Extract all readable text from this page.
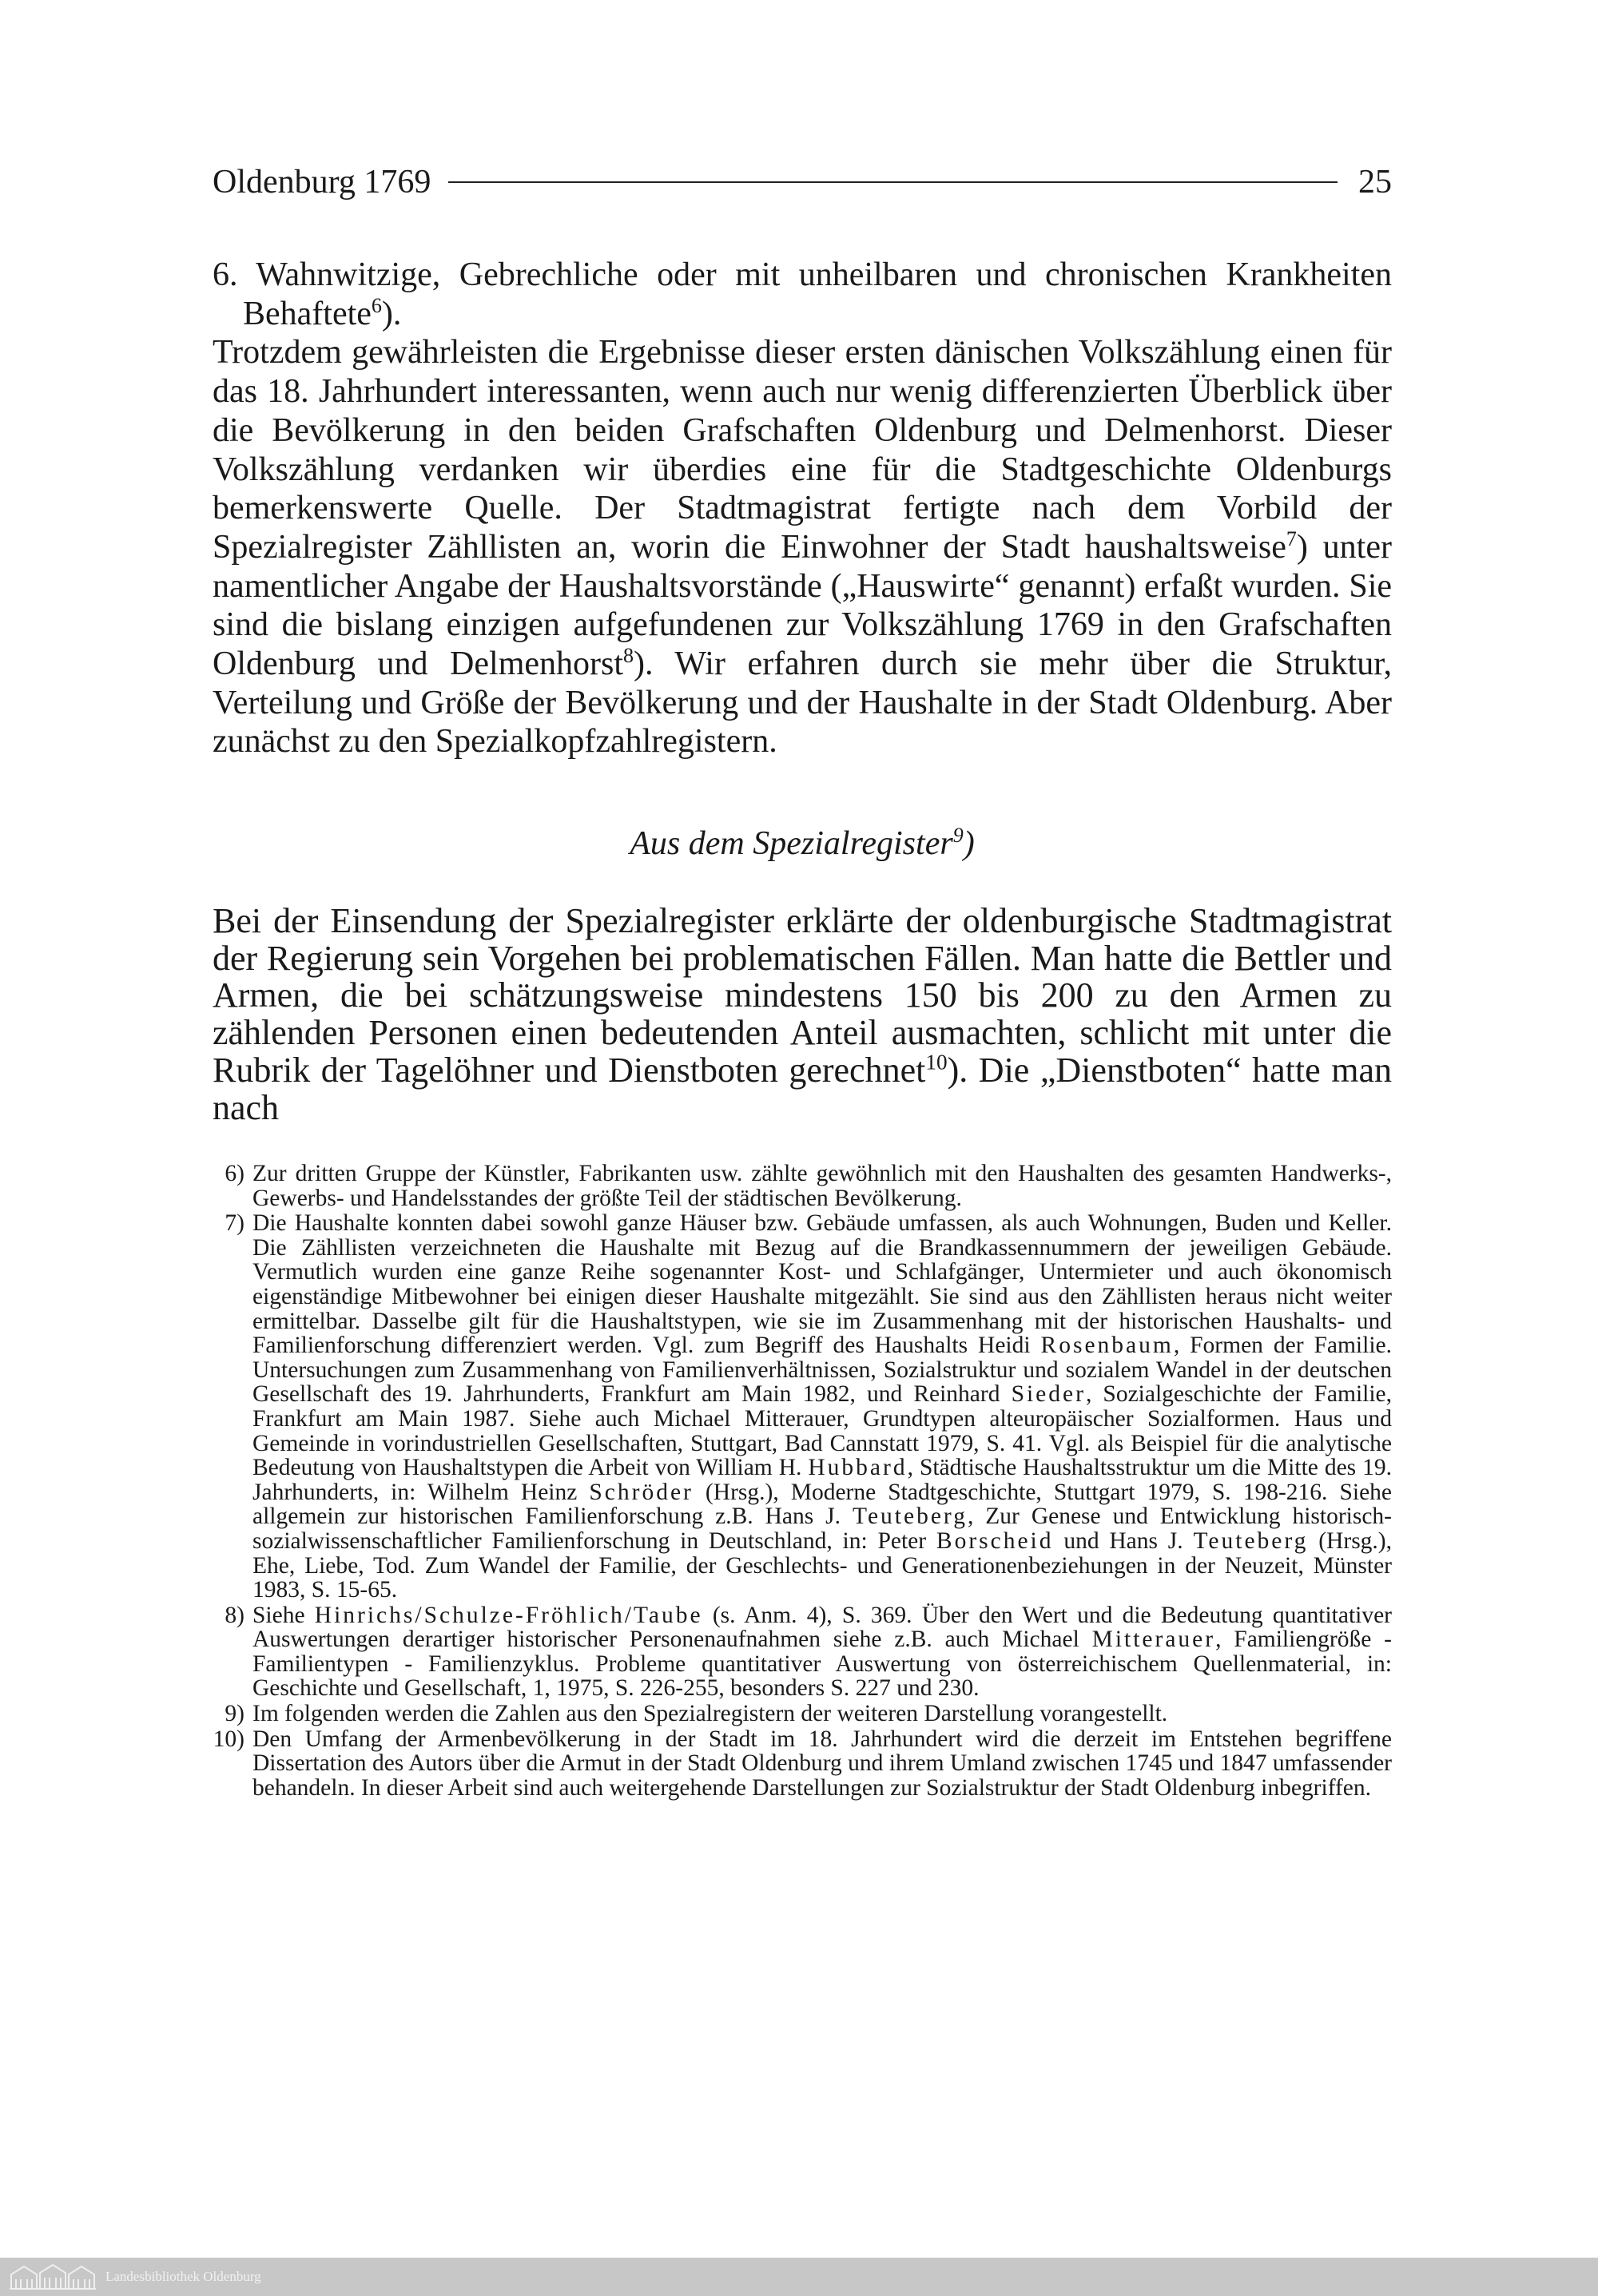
Oldenburg 1769	25

6. Wahnwitzige, Gebrechliche oder mit unheilbaren und chronischen Krankheiten Behaftete$^6$).

Trotzdem gewährleisten die Ergebnisse dieser ersten dänischen Volkszählung einen für das 18. Jahrhundert interessanten, wenn auch nur wenig differenzierten Überblick über die Bevölkerung in den beiden Grafschaften Oldenburg und Delmenhorst. Dieser Volkszählung verdanken wir überdies eine für die Stadtgeschichte Oldenburgs bemerkenswerte Quelle. Der Stadtmagistrat fertigte nach dem Vorbild der Spezialregister Zähllisten an, worin die Einwohner der Stadt haushaltsweise$^7$) unter namentlicher Angabe der Haushaltsvorstände („Hauswirte“ genannt) erfaßt wurden. Sie sind die bislang einzigen aufgefundenen zur Volkszählung 1769 in den Grafschaften Oldenburg und Delmenhorst$^8$). Wir erfahren durch sie mehr über die Struktur, Verteilung und Größe der Bevölkerung und der Haushalte in der Stadt Oldenburg. Aber zunächst zu den Spezialkopfzahlregistern.

Aus dem Spezialregister$^9$)

Bei der Einsendung der Spezialregister erklärte der oldenburgische Stadtmagistrat der Regierung sein Vorgehen bei problematischen Fällen. Man hatte die Bettler und Armen, die bei schätzungsweise mindestens 150 bis 200 zu den Armen zu zählenden Personen einen bedeutenden Anteil ausmachten, schlicht mit unter die Rubrik der Tagelöhner und Dienstboten gerechnet$^{10}$). Die „Dienstboten“ hatte man nach

6) Zur dritten Gruppe der Künstler, Fabrikanten usw. zählte gewöhnlich mit den Haushalten des gesamten Handwerks-, Gewerbs- und Handelsstandes der größte Teil der städtischen Bevölkerung.
7) Die Haushalte konnten dabei sowohl ganze Häuser bzw. Gebäude umfassen, als auch Wohnungen, Buden und Keller. Die Zähllisten verzeichneten die Haushalte mit Bezug auf die Brandkassennummern der jeweiligen Gebäude. Vermutlich wurden eine ganze Reihe sogenannter Kost- und Schlafgänger, Untermieter und auch ökonomisch eigenständige Mitbewohner bei einigen dieser Haushalte mitgezählt. Sie sind aus den Zähllisten heraus nicht weiter ermittelbar. Dasselbe gilt für die Haushaltstypen, wie sie im Zusammenhang mit der historischen Haushalts- und Familienforschung differenziert werden. Vgl. zum Begriff des Haushalts Heidi Rosenbaum, Formen der Familie. Untersuchungen zum Zusammenhang von Familienverhältnissen, Sozialstruktur und sozialem Wandel in der deutschen Gesellschaft des 19. Jahrhunderts, Frankfurt am Main 1982, und Reinhard Sieder, Sozialgeschichte der Familie, Frankfurt am Main 1987. Siehe auch Michael Mitterauer, Grundtypen alteuropäischer Sozialformen. Haus und Gemeinde in vorindustriellen Gesellschaften, Stuttgart, Bad Cannstatt 1979, S. 41. Vgl. als Beispiel für die analytische Bedeutung von Haushaltstypen die Arbeit von William H. Hubbard, Städtische Haushaltsstruktur um die Mitte des 19. Jahrhunderts, in: Wilhelm Heinz Schröder (Hrsg.), Moderne Stadtgeschichte, Stuttgart 1979, S. 198-216. Siehe allgemein zur historischen Familienforschung z.B. Hans J. Teuteberg, Zur Genese und Entwicklung historisch-sozialwissenschaftlicher Familienforschung in Deutschland, in: Peter Borscheid und Hans J. Teuteberg (Hrsg.), Ehe, Liebe, Tod. Zum Wandel der Familie, der Geschlechts- und Generationenbeziehungen in der Neuzeit, Münster 1983, S. 15-65.
8) Siehe Hinrichs/Schulze-Fröhlich/Taube (s. Anm. 4), S. 369. Über den Wert und die Bedeutung quantitativer Auswertungen derartiger historischer Personenaufnahmen siehe z.B. auch Michael Mitterauer, Familiengröße - Familientypen - Familienzyklus. Probleme quantitativer Auswertung von österreichischem Quellenmaterial, in: Geschichte und Gesellschaft, 1, 1975, S. 226-255, besonders S. 227 und 230.
9) Im folgenden werden die Zahlen aus den Spezialregistern der weiteren Darstellung vorangestellt.
10) Den Umfang der Armenbevölkerung in der Stadt im 18. Jahrhundert wird die derzeit im Entstehen begriffene Dissertation des Autors über die Armut in der Stadt Oldenburg und ihrem Umland zwischen 1745 und 1847 umfassender behandeln. In dieser Arbeit sind auch weitergehende Darstellungen zur Sozialstruktur der Stadt Oldenburg inbegriffen.
Landesbibliothek Oldenburg
